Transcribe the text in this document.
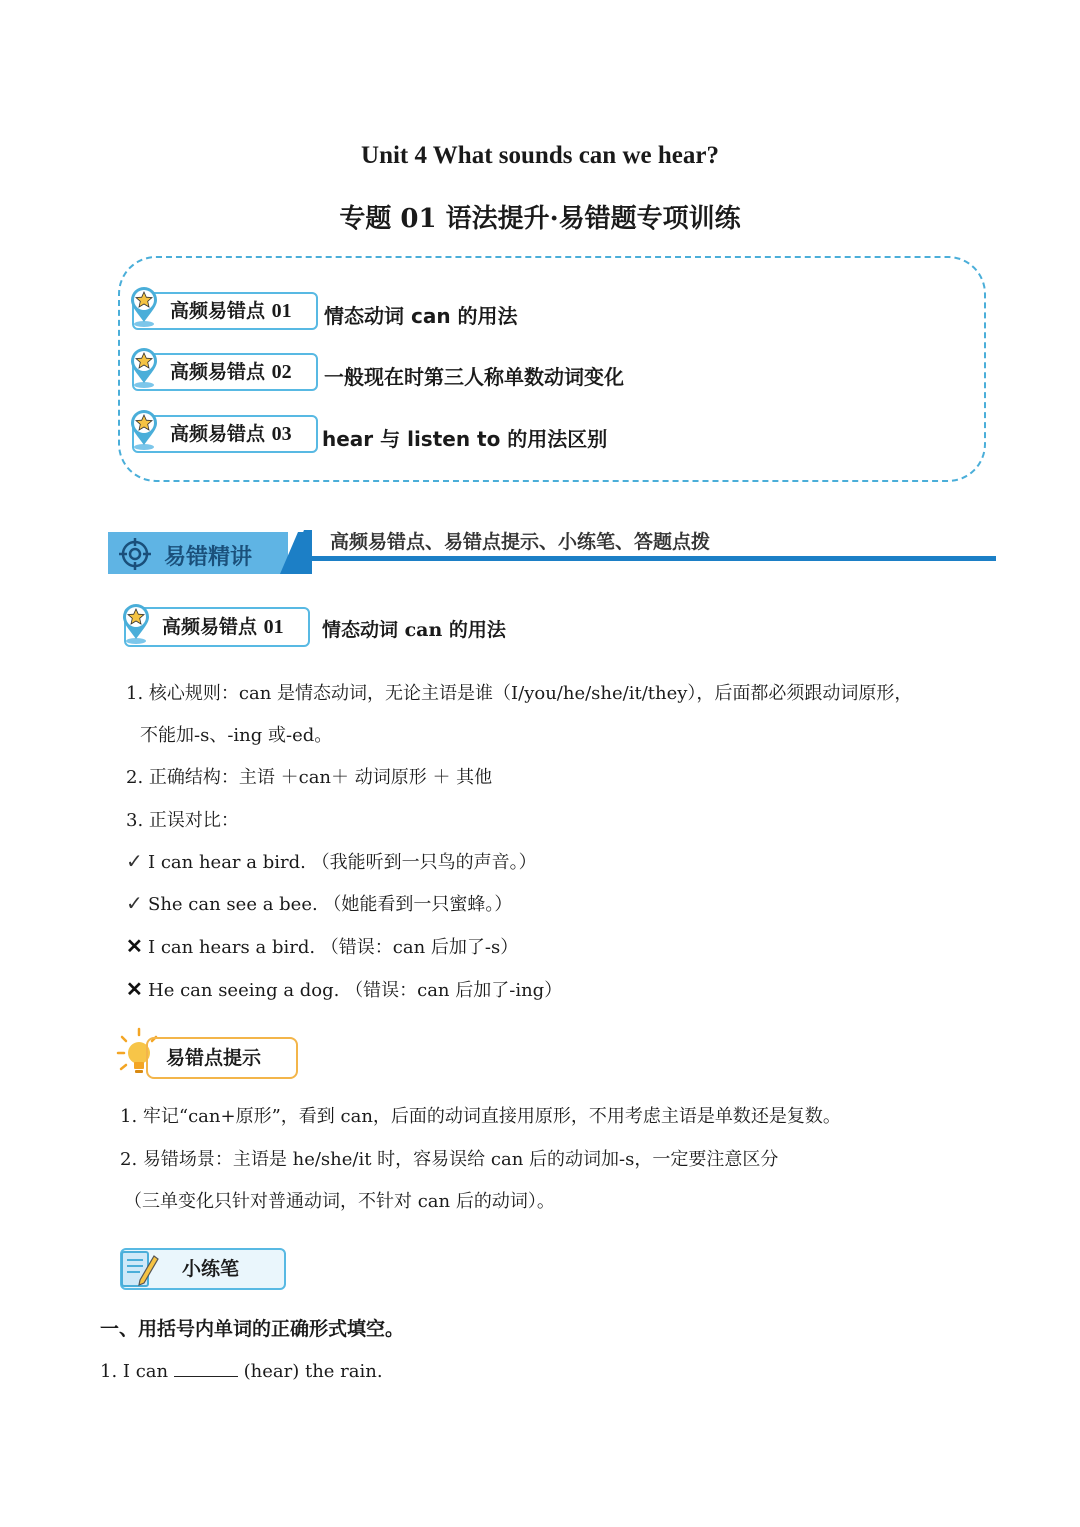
Unit 4 What sounds can we hear?
专题 01 语法提升·易错题专项训练
高频易错点 01	情态动词 can 的用法
高频易错点 02	一般现在时第三人称单数动词变化
高频易错点 03	hear 与 listen to 的用法区别
易错精讲
高频易错点、易错点提示、小练笔、答题点拨
高频易错点 01	情态动词 can 的用法
1. 核心规则：can 是情态动词，无论主语是谁（I/you/he/she/it/they），后面都必须跟动词原形，
不能加-s、-ing 或-ed。
2. 正确结构：主语 ＋can＋ 动词原形 ＋ 其他
3. 正误对比：
✓ I can hear a bird. （我能听到一只鸟的声音。）
✓ She can see a bee. （她能看到一只蜜蜂。）
✕ I can hears a bird. （错误：can 后加了-s）
✕ He can seeing a dog. （错误：can 后加了-ing）
易错点提示
1. 牢记“can+原形”，看到 can，后面的动词直接用原形，不用考虑主语是单数还是复数。
2. 易错场景：主语是 he/she/it 时，容易误给 can 后的动词加-s，一定要注意区分
（三单变化只针对普通动词，不针对 can 后的动词）。
小练笔
一、用括号内单词的正确形式填空。
1. I can	(hear) the rain.
